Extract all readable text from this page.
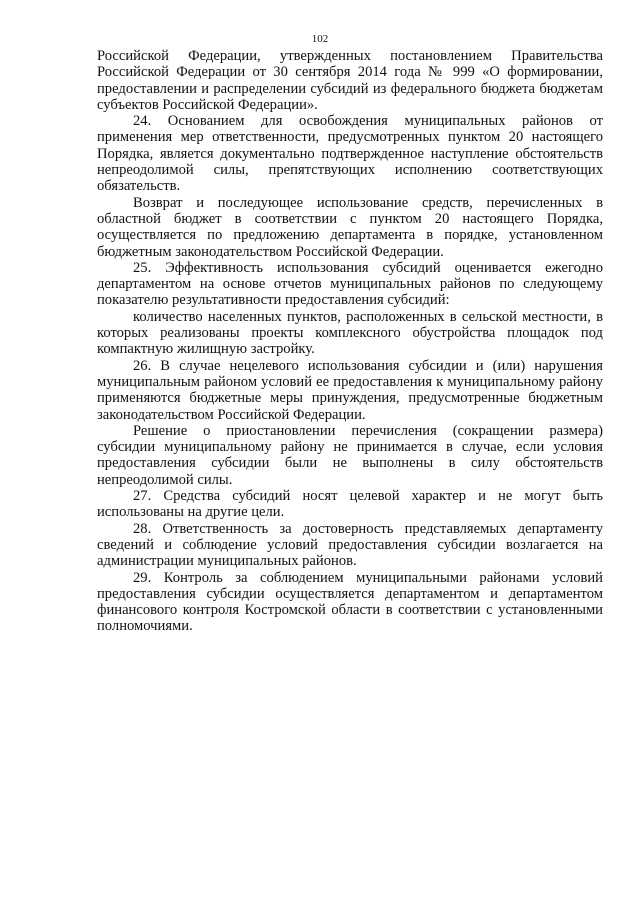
102

Российской Федерации, утвержденных постановлением Правительства Российской Федерации от 30 сентября 2014 года № 999 «О формировании, предоставлении и распределении субсидий из федерального бюджета бюджетам субъектов Российской Федерации».

24. Основанием для освобождения муниципальных районов от применения мер ответственности, предусмотренных пунктом 20 настоящего Порядка, является документально подтвержденное наступление обстоятельств непреодолимой силы, препятствующих исполнению соответствующих обязательств.

Возврат и последующее использование средств, перечисленных в областной бюджет в соответствии с пунктом 20 настоящего Порядка, осуществляется по предложению департамента в порядке, установленном бюджетным законодательством Российской Федерации.

25. Эффективность использования субсидий оценивается ежегодно департаментом на основе отчетов муниципальных районов по следующему показателю результативности предоставления субсидий:

количество населенных пунктов, расположенных в сельской местности, в которых реализованы проекты комплексного обустройства площадок под компактную жилищную застройку.

26. В случае нецелевого использования субсидии и (или) нарушения муниципальным районом условий ее предоставления к муниципальному району применяются бюджетные меры принуждения, предусмотренные бюджетным законодательством Российской Федерации.

Решение о приостановлении перечисления (сокращении размера) субсидии муниципальному району не принимается в случае, если условия предоставления субсидии были не выполнены в силу обстоятельств непреодолимой силы.

27. Средства субсидий носят целевой характер и не могут быть использованы на другие цели.

28. Ответственность за достоверность представляемых департаменту сведений и соблюдение условий предоставления субсидии возлагается на администрации муниципальных районов.

29. Контроль за соблюдением муниципальными районами условий предоставления субсидии осуществляется департаментом и департаментом финансового контроля Костромской области в соответствии с установленными полномочиями.
